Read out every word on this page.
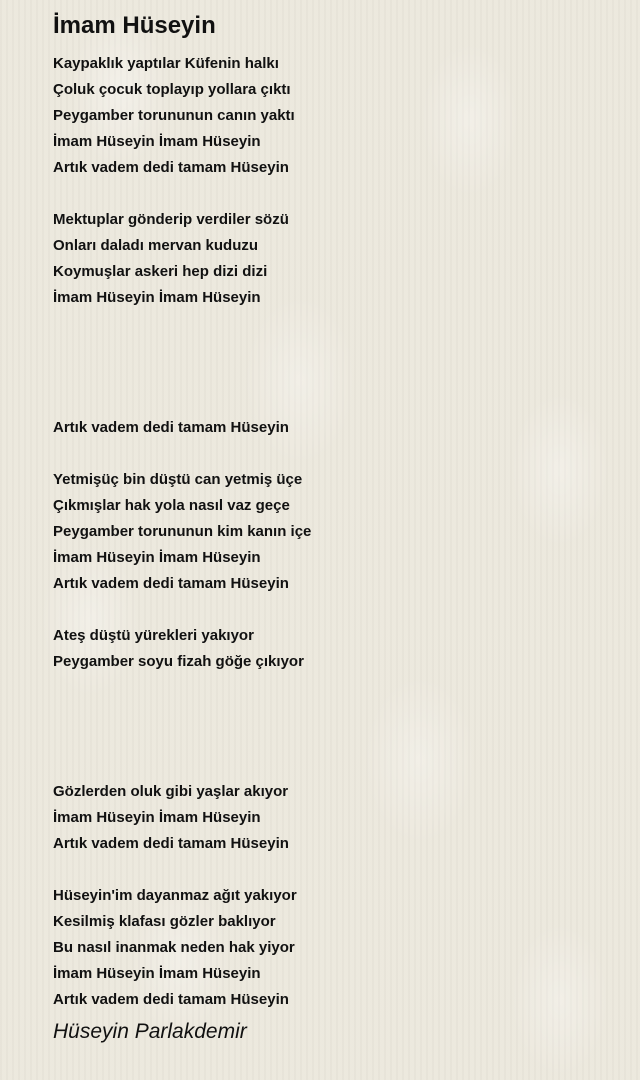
İmam Hüseyin
Kaypaklık yaptılar Küfenin halkı
Çoluk çocuk toplayıp yollara çıktı
Peygamber torununun canın yaktı
İmam Hüseyin İmam Hüseyin
Artık vadem dedi tamam Hüseyin
Mektuplar gönderip verdiler sözü
Onları daladı mervan kuduzu
Koymuşlar askeri hep dizi dizi
İmam Hüseyin İmam Hüseyin
Artık vadem dedi tamam Hüseyin
Yetmişüç bin düştü can yetmiş üçe
Çıkmışlar hak yola nasıl vaz geçe
Peygamber torununun kim kanın içe
İmam Hüseyin İmam Hüseyin
Artık vadem dedi tamam Hüseyin
Ateş düştü yürekleri yakıyor
Peygamber soyu fizah göğe çıkıyor
Gözlerden oluk gibi yaşlar akıyor
İmam Hüseyin İmam Hüseyin
Artık vadem dedi tamam Hüseyin
Hüseyin'im dayanmaz ağıt yakıyor
Kesilmiş klafası gözler baklıyor
Bu nasıl inanmak neden hak yiyor
İmam Hüseyin İmam Hüseyin
Artık vadem dedi tamam Hüseyin
Hüseyin Parlakdemir
